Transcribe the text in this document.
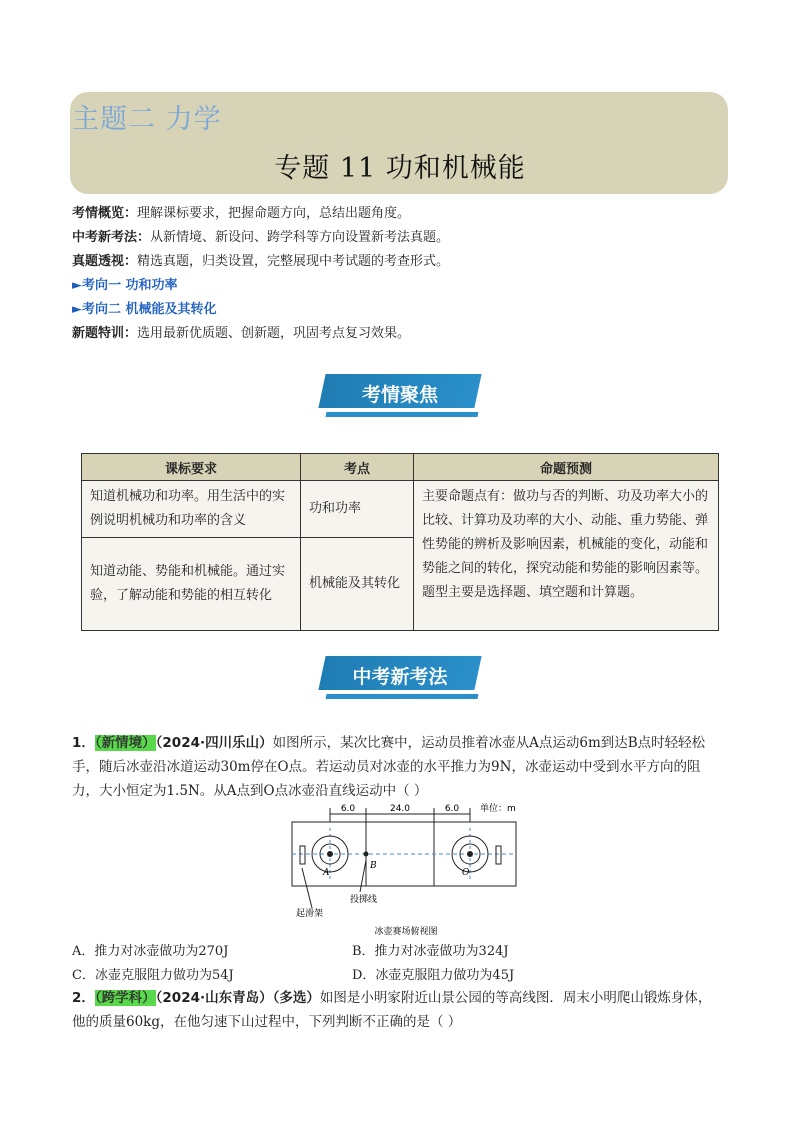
主题二 力学
专题 11 功和机械能
考情概览：理解课标要求，把握命题方向，总结出题角度。
中考新考法：从新情境、新设问、跨学科等方向设置新考法真题。
真题透视：精选真题，归类设置，完整展现中考试题的考查形式。
►考向一 功和功率
►考向二 机械能及其转化
新题特训：选用最新优质题、创新题，巩固考点复习效果。
考情聚焦
课标要求	考点	命题预测
知道机械功和功率。用生活中的实例说明机械功和功率的含义	功和功率	主要命题点有：做功与否的判断、功及功率大小的比较、计算功及功率的大小、动能、重力势能、弹性势能的辨析及影响因素，机械能的变化，动能和势能之间的转化，探究动能和势能的影响因素等。
题型主要是选择题、填空题和计算题。

知道动能、势能和机械能。通过实验，了解动能和势能的相互转化	机械能及其转化	
中考新考法
1．（新情境）（2024·四川乐山）如图所示，某次比赛中，运动员推着冰壶从A点运动6m到达B点时轻轻松手，随后冰壶沿冰道运动30m停在O点。若运动员对冰壶的水平推力为9N，冰壶运动中受到水平方向的阻力，大小恒定为1.5N。从A点到O点冰壶沿直线运动中（ ）
6.0	24.0	6.0 单位：m
A
B
O
起滑架
投掷线
冰壶赛场俯视图
A．推力对冰壶做功为270J	B．推力对冰壶做功为324J
C．冰壶克服阻力做功为54J	D．冰壶克服阻力做功为45J
2．（跨学科）（2024·山东青岛）（多选）如图是小明家附近山景公园的等高线图．周末小明爬山锻炼身体，他的质量60kg，在他匀速下山过程中，下列判断不正确的是（ ）
